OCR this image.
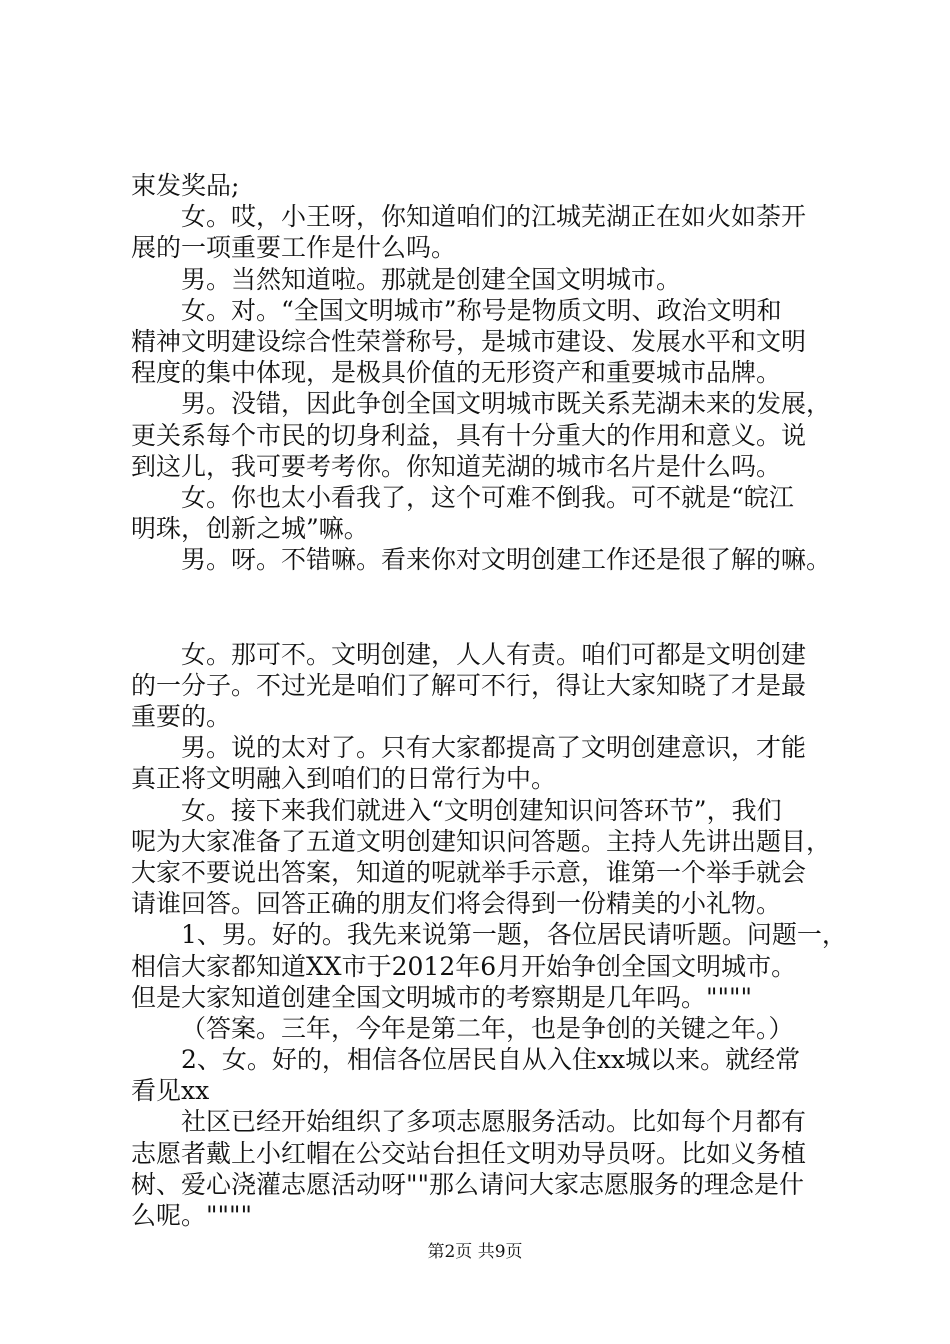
束发奖品;

女。哎，小王呀，你知道咱们的江城芜湖正在如火如荼开

展的一项重要工作是什么吗。

男。当然知道啦。那就是创建全国文明城市。

女。对。“全国文明城市”称号是物质文明、政治文明和

精神文明建设综合性荣誉称号，是城市建设、发展水平和文明

程度的集中体现，是极具价值的无形资产和重要城市品牌。

男。没错，因此争创全国文明城市既关系芜湖未来的发展，

更关系每个市民的切身利益，具有十分重大的作用和意义。说

到这儿，我可要考考你。你知道芜湖的城市名片是什么吗。

女。你也太小看我了，这个可难不倒我。可不就是“皖江

明珠，创新之城”嘛。

男。呀。不错嘛。看来你对文明创建工作还是很了解的嘛。

女。那可不。文明创建，人人有责。咱们可都是文明创建

的一分子。不过光是咱们了解可不行，得让大家知晓了才是最

重要的。

男。说的太对了。只有大家都提高了文明创建意识，才能

真正将文明融入到咱们的日常行为中。

女。接下来我们就进入“文明创建知识问答环节”，我们

呢为大家准备了五道文明创建知识问答题。主持人先讲出题目，

大家不要说出答案，知道的呢就举手示意，谁第一个举手就会

请谁回答。回答正确的朋友们将会得到一份精美的小礼物。

1、男。好的。我先来说第一题，各位居民请听题。问题一，

相信大家都知道XX市于2012年6月开始争创全国文明城市。

但是大家知道创建全国文明城市的考察期是几年吗。""""

（答案。三年，今年是第二年，也是争创的关键之年。）

2、女。好的，相信各位居民自从入住xx城以来。就经常

看见xx

社区已经开始组织了多项志愿服务活动。比如每个月都有

志愿者戴上小红帽在公交站台担任文明劝导员呀。比如义务植

树、爱心浇灌志愿活动呀""那么请问大家志愿服务的理念是什

么呢。""""

第2页 共9页
